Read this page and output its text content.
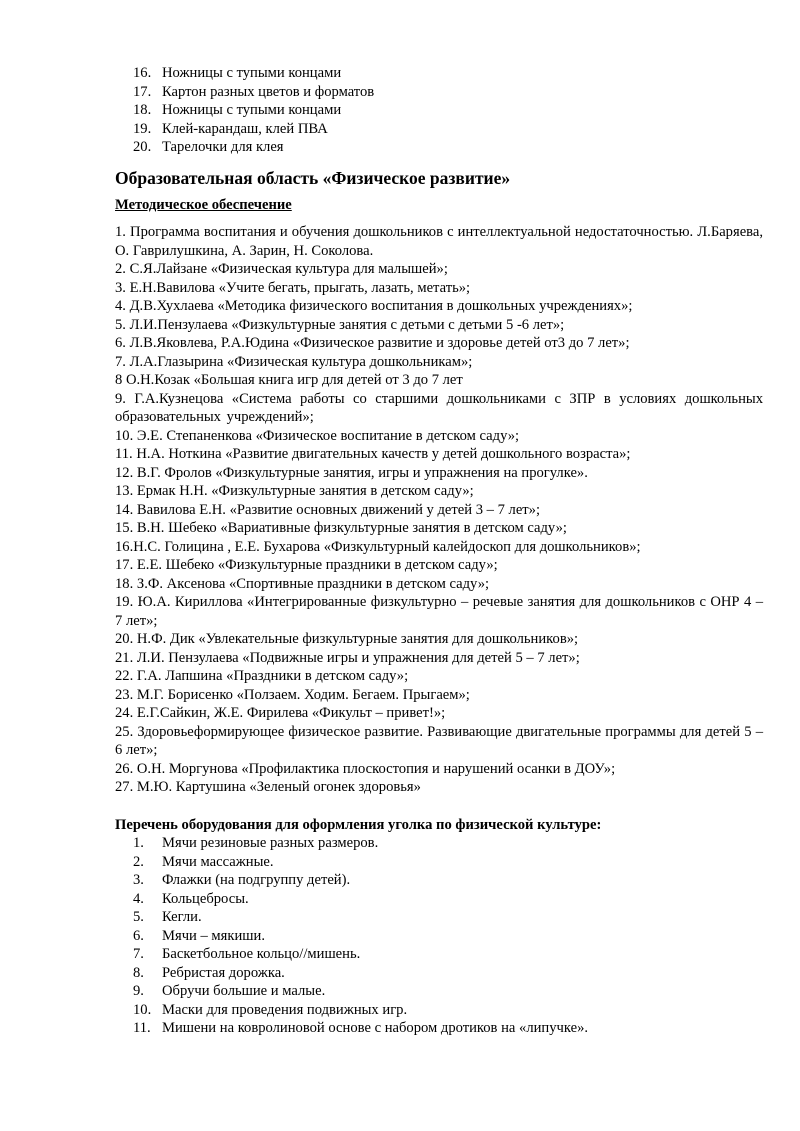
16. Ножницы с тупыми концами
17. Картон разных цветов и форматов
18. Ножницы с тупыми концами
19. Клей-карандаш, клей ПВА
20. Тарелочки для клея
Образовательная область «Физическое развитие»
Методическое обеспечение

1. Программа воспитания и обучения дошкольников с интеллектуальной недостаточностью. Л.Баряева, О. Гаврилушкина, А. Зарин, Н. Соколова.

2. С.Я.Лайзане «Физическая культура для малышей»;

3. Е.Н.Вавилова «Учите бегать, прыгать, лазать, метать»;

4. Д.В.Хухлаева «Методика физического воспитания в дошкольных учреждениях»;

5. Л.И.Пензулаева «Физкультурные занятия с детьми с детьми 5 -6 лет»;

6. Л.В.Яковлева, Р.А.Юдина «Физическое развитие и здоровье детей от3 до 7 лет»;

7. Л.А.Глазырина «Физическая культура дошкольникам»;

8 О.Н.Козак «Большая книга игр для детей от 3 до 7 лет

9. Г.А.Кузнецова «Система работы со старшими дошкольниками с ЗПР в условиях дошкольных образовательных учреждений»;

10. Э.Е. Степаненкова «Физическое воспитание в детском саду»;

11. Н.А. Ноткина «Развитие двигательных качеств у детей дошкольного возраста»;

12. В.Г. Фролов «Физкультурные занятия, игры и упражнения на прогулке».

13. Ермак Н.Н. «Физкультурные занятия в детском саду»;

14. Вавилова Е.Н. «Развитие основных движений у детей 3 – 7 лет»;

15. В.Н. Шебеко «Вариативные физкультурные занятия в детском саду»;

16.Н.С. Голицина , Е.Е. Бухарова «Физкультурный калейдоскоп для дошкольников»;

17. Е.Е. Шебеко «Физкультурные праздники в детском саду»;

18. З.Ф. Аксенова «Спортивные праздники в детском саду»;

19. Ю.А. Кириллова «Интегрированные физкультурно – речевые занятия для дошкольников с ОНР 4 – 7 лет»;

20. Н.Ф. Дик «Увлекательные физкультурные занятия для дошкольников»;

21. Л.И. Пензулаева «Подвижные игры и упражнения для детей 5 – 7 лет»;

22. Г.А. Лапшина «Праздники в детском саду»;

23. М.Г. Борисенко «Ползаем. Ходим. Бегаем. Прыгаем»;

24. Е.Г.Сайкин, Ж.Е. Фирилева «Фикульт – привет!»;

25. Здоровьеформирующее физическое развитие. Развивающие двигательные программы для детей 5 – 6 лет»;

26. О.Н. Моргунова «Профилактика плоскостопия и нарушений осанки в ДОУ»;

27. М.Ю. Картушина «Зеленый огонек здоровья»

Перечень оборудования для оформления уголка по физической культуре:
1.	Мячи резиновые разных размеров.
2.	Мячи массажные.
3.	Флажки (на подгруппу детей).
4.	Кольцебросы.
5.	Кегли.
6.	Мячи – мякиши.
7.	Баскетбольное кольцо//мишень.
8.	Ребристая дорожка.
9.	Обручи большие и малые.
10. Маски для проведения подвижных игр.
11. Мишени на ковролиновой основе с набором дротиков на «липучке».
